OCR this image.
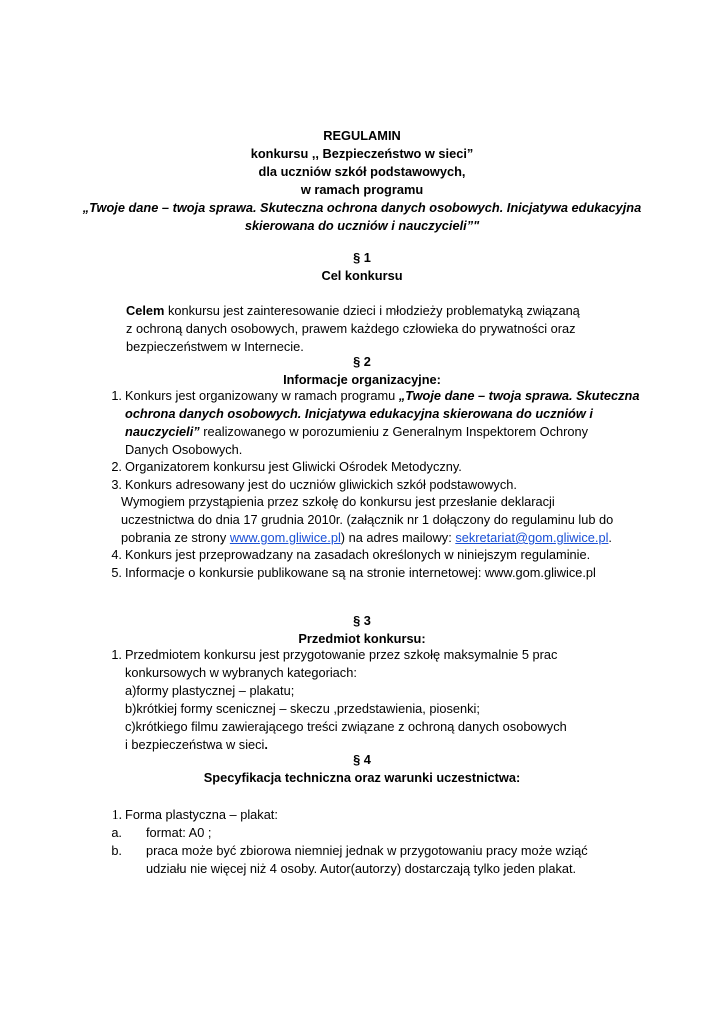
REGULAMIN
konkursu ,, Bezpieczeństwo w sieci”
dla uczniów szkół podstawowych,
w ramach programu
„Twoje dane – twoja sprawa. Skuteczna ochrona danych osobowych. Inicjatywa edukacyjna
skierowana do uczniów i nauczycieli”"
§ 1
Cel konkursu
Celem konkursu jest zainteresowanie dzieci i młodzieży problematyką związaną
z ochroną danych osobowych, prawem każdego człowieka do prywatności oraz
bezpieczeństwem w Internecie.
§ 2
Informacje organizacyjne:
1. Konkurs jest organizowany w ramach programu „Twoje dane – twoja sprawa. Skuteczna
ochrona danych osobowych. Inicjatywa edukacyjna skierowana do uczniów i
nauczycieli” realizowanego w porozumieniu z Generalnym Inspektorem Ochrony
Danych Osobowych.
2. Organizatorem konkursu jest Gliwicki Ośrodek Metodyczny.
3. Konkurs adresowany jest do uczniów gliwickich szkół podstawowych.
Wymogiem przystąpienia przez szkołę do konkursu jest przesłanie deklaracji
uczestnictwa do dnia 17 grudnia 2010r. (załącznik nr 1 dołączony do regulaminu lub do
pobrania ze strony www.gom.gliwice.pl) na adres mailowy: sekretariat@gom.gliwice.pl.
4. Konkurs jest przeprowadzany na zasadach określonych w niniejszym regulaminie.
5. Informacje o konkursie publikowane są na stronie internetowej: www.gom.gliwice.pl
§ 3
Przedmiot konkursu:
1. Przedmiotem konkursu jest przygotowanie przez szkołę maksymalnie 5 prac
konkursowych w wybranych kategoriach:
a)formy plastycznej – plakatu;
b)krótkiej formy scenicznej – skeczu ,przedstawienia, piosenki;
c)krótkiego filmu zawierającego treści związane z ochroną danych osobowych
i bezpieczeństwa w sieci.
§ 4
Specyfikacja techniczna oraz warunki uczestnictwa:
1. Forma plastyczna – plakat:
a. format: A0 ;
b. praca może być zbiorowa niemniej jednak w przygotowaniu pracy może wziąć
udziału nie więcej niż 4 osoby. Autor(autorzy) dostarczają tylko jeden plakat.
